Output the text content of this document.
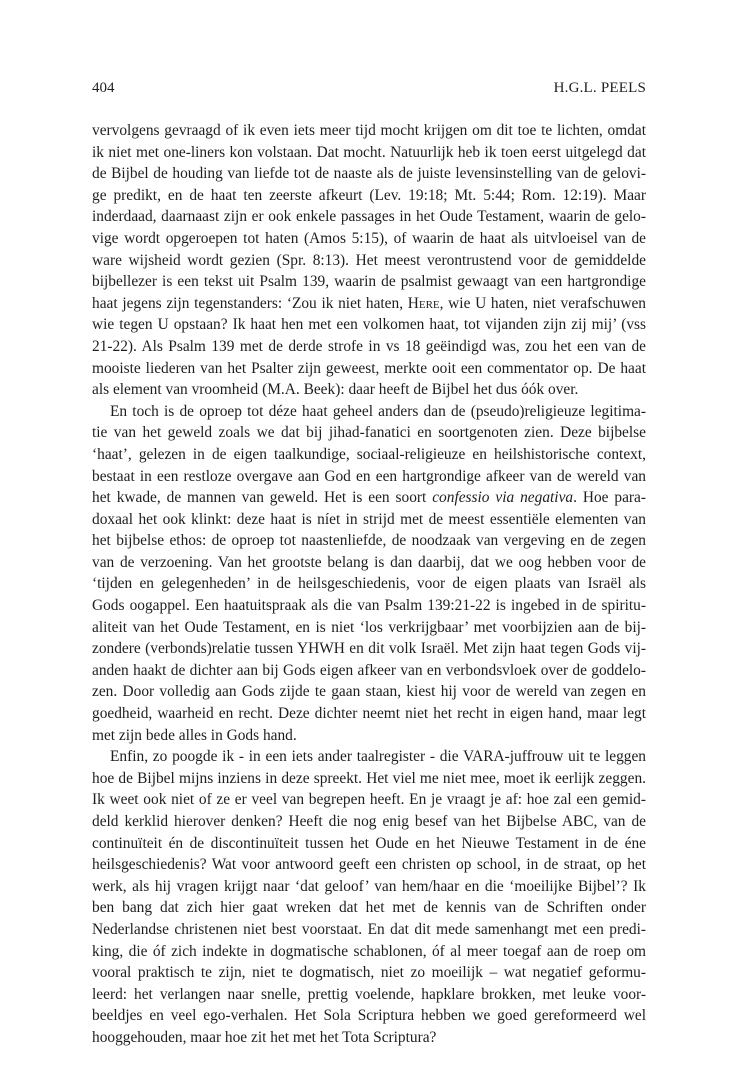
404	H.G.L. PEELS
vervolgens gevraagd of ik even iets meer tijd mocht krijgen om dit toe te lichten, omdat
ik niet met one-liners kon volstaan. Dat mocht. Natuurlijk heb ik toen eerst uitgelegd dat
de Bijbel de houding van liefde tot de naaste als de juiste levensinstelling van de gelovi-
ge predikt, en de haat ten zeerste afkeurt (Lev. 19:18; Mt. 5:44; Rom. 12:19). Maar
inderdaad, daarnaast zijn er ook enkele passages in het Oude Testament, waarin de gelo-
vige wordt opgeroepen tot haten (Amos 5:15), of waarin de haat als uitvloeisel van de
ware wijsheid wordt gezien (Spr. 8:13). Het meest verontrustend voor de gemiddelde
bijbellezer is een tekst uit Psalm 139, waarin de psalmist gewaagt van een hartgrondige
haat jegens zijn tegenstanders: ‘Zou ik niet haten, Here, wie U haten, niet verafschuwen
wie tegen U opstaan? Ik haat hen met een volkomen haat, tot vijanden zijn zij mij’ (vss
21-22). Als Psalm 139 met de derde strofe in vs 18 geëindigd was, zou het een van de
mooiste liederen van het Psalter zijn geweest, merkte ooit een commentator op. De haat
als element van vroomheid (M.A. Beek): daar heeft de Bijbel het dus óók over.
En toch is de oproep tot déze haat geheel anders dan de (pseudo)religieuze legitima-
tie van het geweld zoals we dat bij jihad-fanatici en soortgenoten zien. Deze bijbelse
‘haat’, gelezen in de eigen taalkundige, sociaal-religieuze en heilshistorische context,
bestaat in een restloze overgave aan God en een hartgrondige afkeer van de wereld van
het kwade, de mannen van geweld. Het is een soort confessio via negativa. Hoe para-
doxaal het ook klinkt: deze haat is níet in strijd met de meest essentiële elementen van
het bijbelse ethos: de oproep tot naastenliefde, de noodzaak van vergeving en de zegen
van de verzoening. Van het grootste belang is dan daarbij, dat we oog hebben voor de
‘tijden en gelegenheden’ in de heilsgeschiedenis, voor de eigen plaats van Israël als
Gods oogappel. Een haatuitspraak als die van Psalm 139:21-22 is ingebed in de spiritu-
aliteit van het Oude Testament, en is niet ‘los verkrijgbaar’ met voorbijzien aan de bij-
zondere (verbonds)relatie tussen YHWH en dit volk Israël. Met zijn haat tegen Gods vij-
anden haakt de dichter aan bij Gods eigen afkeer van en verbondsvloek over de goddelo-
zen. Door volledig aan Gods zijde te gaan staan, kiest hij voor de wereld van zegen en
goedheid, waarheid en recht. Deze dichter neemt niet het recht in eigen hand, maar legt
met zijn bede alles in Gods hand.
Enfin, zo poogde ik - in een iets ander taalregister - die VARA-juffrouw uit te leggen
hoe de Bijbel mijns inziens in deze spreekt. Het viel me niet mee, moet ik eerlijk zeggen.
Ik weet ook niet of ze er veel van begrepen heeft. En je vraagt je af: hoe zal een gemid-
deld kerklid hierover denken? Heeft die nog enig besef van het Bijbelse ABC, van de
continuïteit én de discontinuïteit tussen het Oude en het Nieuwe Testament in de éne
heilsgeschiedenis? Wat voor antwoord geeft een christen op school, in de straat, op het
werk, als hij vragen krijgt naar ‘dat geloof’ van hem/haar en die ‘moeilijke Bijbel’? Ik
ben bang dat zich hier gaat wreken dat het met de kennis van de Schriften onder
Nederlandse christenen niet best voorstaat. En dat dit mede samenhangt met een predi-
king, die óf zich indekte in dogmatische schablonen, óf al meer toegaf aan de roep om
vooral praktisch te zijn, niet te dogmatisch, niet zo moeilijk – wat negatief geformu-
leerd: het verlangen naar snelle, prettig voelende, hapklare brokken, met leuke voor-
beeldjes en veel ego-verhalen. Het Sola Scriptura hebben we goed gereformeerd wel
hooggehouden, maar hoe zit het met het Tota Scriptura?
